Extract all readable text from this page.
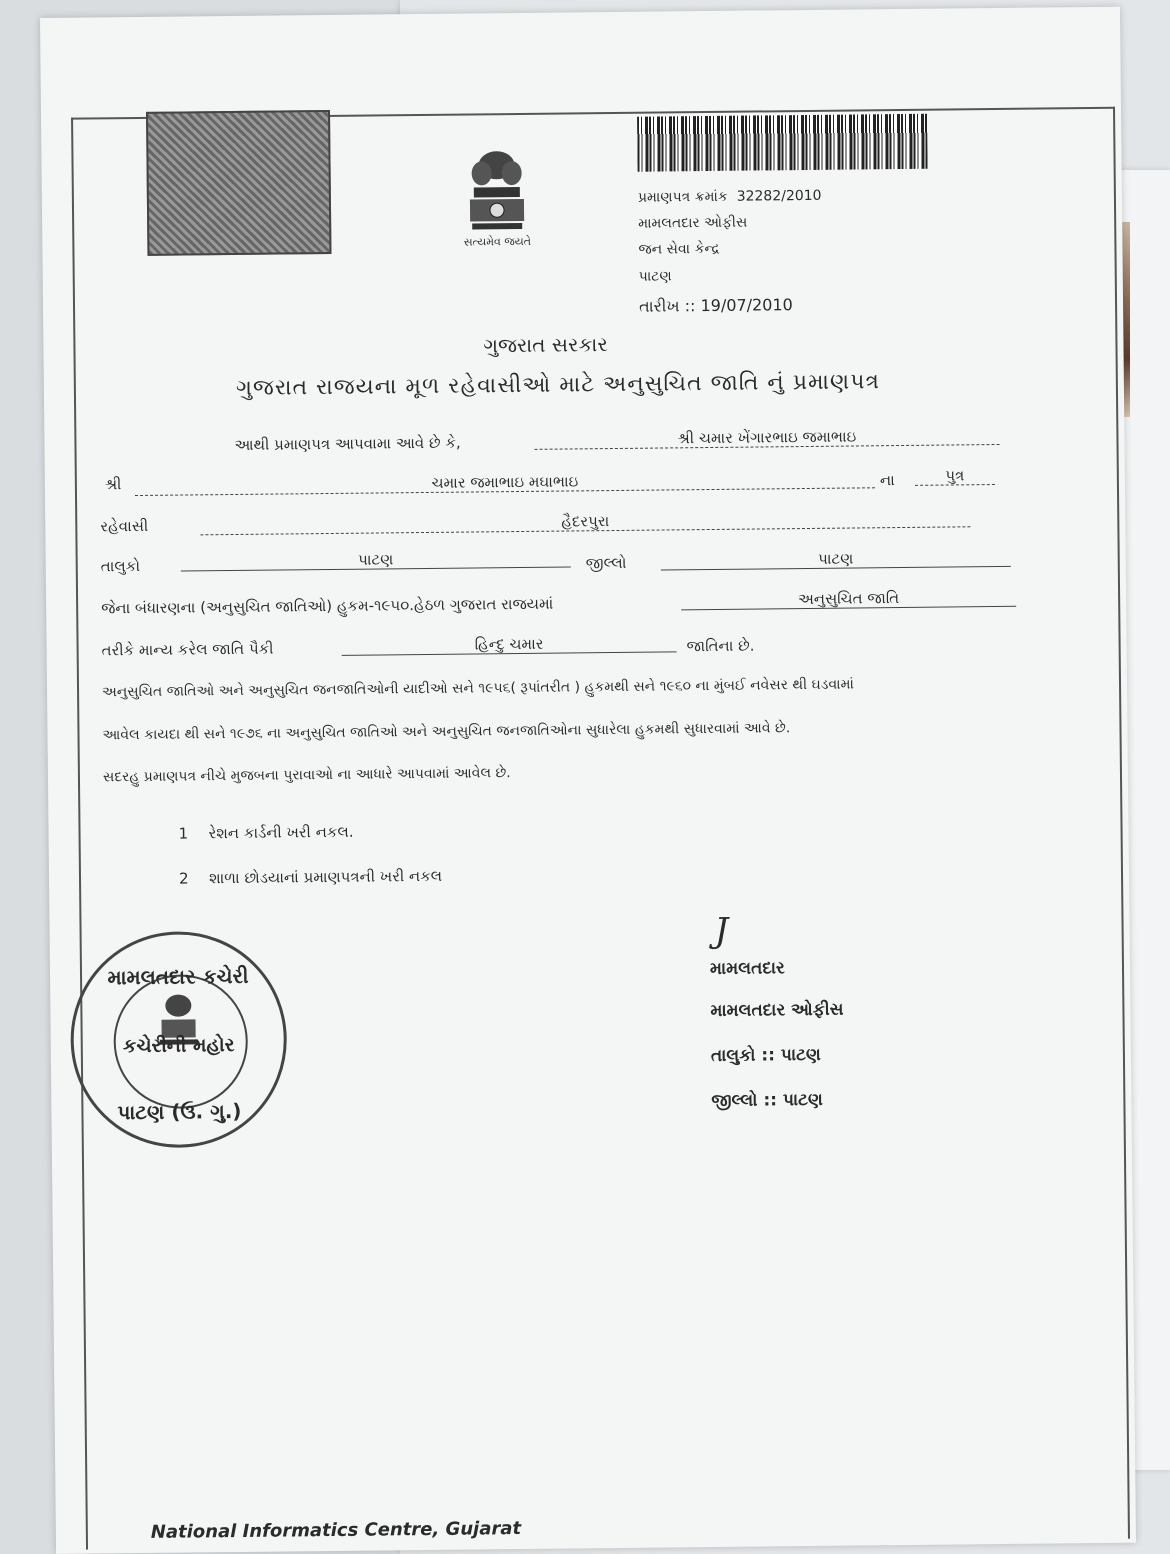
સત્યમેવ જયતે
પ્રમાણપત્ર ક્રમાંક 32282/2010
મામલતદાર ઓફીસ
જન સેવા કેન્દ્ર
પાટણ
તારીખ :: 19/07/2010
ગુજરાત સરકાર
ગુજરાત રાજયના મૂળ રહેવાસીઓ માટે અનુસુચિત જાતિ નું પ્રમાણપત્ર
આથી પ્રમાણપત્ર આપવામા આવે છે કે,	શ્રી ચમાર ખેંગારભાઇ જમાભાઇ
શ્રી	ચમાર જમાભાઇ મઘાભાઇ	ના	પુત્ર
રહેવાસી	હૈદરપુરા
તાલુકો	પાટણ	જીલ્લો	પાટણ
જેના બંધારણના (અનુસુચિત જાતિઓ) હુકમ-૧૯૫૦.હેઠળ ગુજરાત રાજયમાં	અનુસુચિત જાતિ
તરીકે માન્ય કરેલ જાતિ પૈકી	હિન્દુ ચમાર	જાતિના છે.
અનુસુચિત જાતિઓ અને અનુસુચિત જનજાતિઓની યાદીઓ સને ૧૯૫૬( રૂપાંતરીત ) હુકમથી સને ૧૯૬૦ ના મુંબઈ નવેસર થી ઘડવામાં
આવેલ કાયદા થી સને ૧૯૭૬ ના અનુસુચિત જાતિઓ અને અનુસુચિત જનજાતિઓના સુધારેલા હુકમથી સુધારવામાં આવે છે.
સદરહુ પ્રમાણપત્ર નીચે મુજબના પુરાવાઓ ના આધારે આપવામાં આવેલ છે.
1 રેશન કાર્ડની ખરી નકલ.
2 શાળા છોડયાનાં પ્રમાણપત્રની ખરી નકલ
J
મામલતદાર
મામલતદાર ઓફીસ
તાલુકો :: પાટણ
જીલ્લો :: પાટણ
મામલતદાર કચેરી
કચેરીની મહોર
પાટણ (ઉ. ગુ.)
National Informatics Centre, Gujarat
